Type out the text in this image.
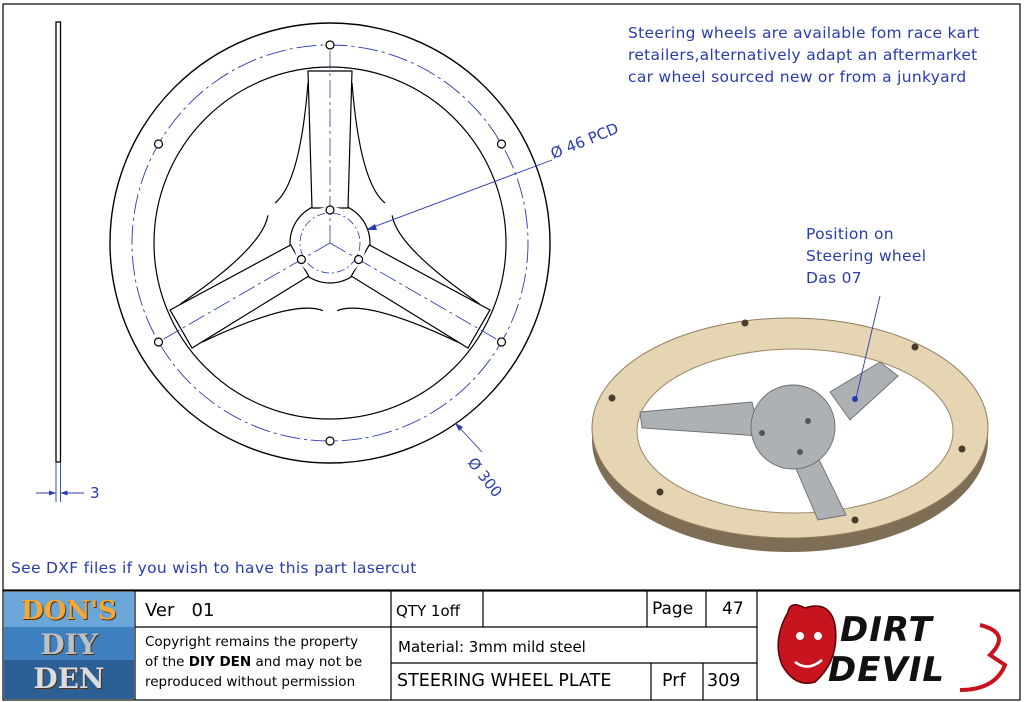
Steering wheels are available fom race kart
retailers,alternatively adapt an aftermarket
car wheel sourced new or from a junkyard
Position on
Steering wheel
Das 07
See DXF files if you wish to have this part lasercut
Ø 46 PCD
Ø 300
3
DON'S
DIY
DEN
Ver   01	QTY 1off	Page 47
Copyright remains the property
of the DIY DEN and may not be
reproduced without permission
Material: 3mm mild steel
STEERING WHEEL PLATE	Prf 309
DIRT
DEVIL
